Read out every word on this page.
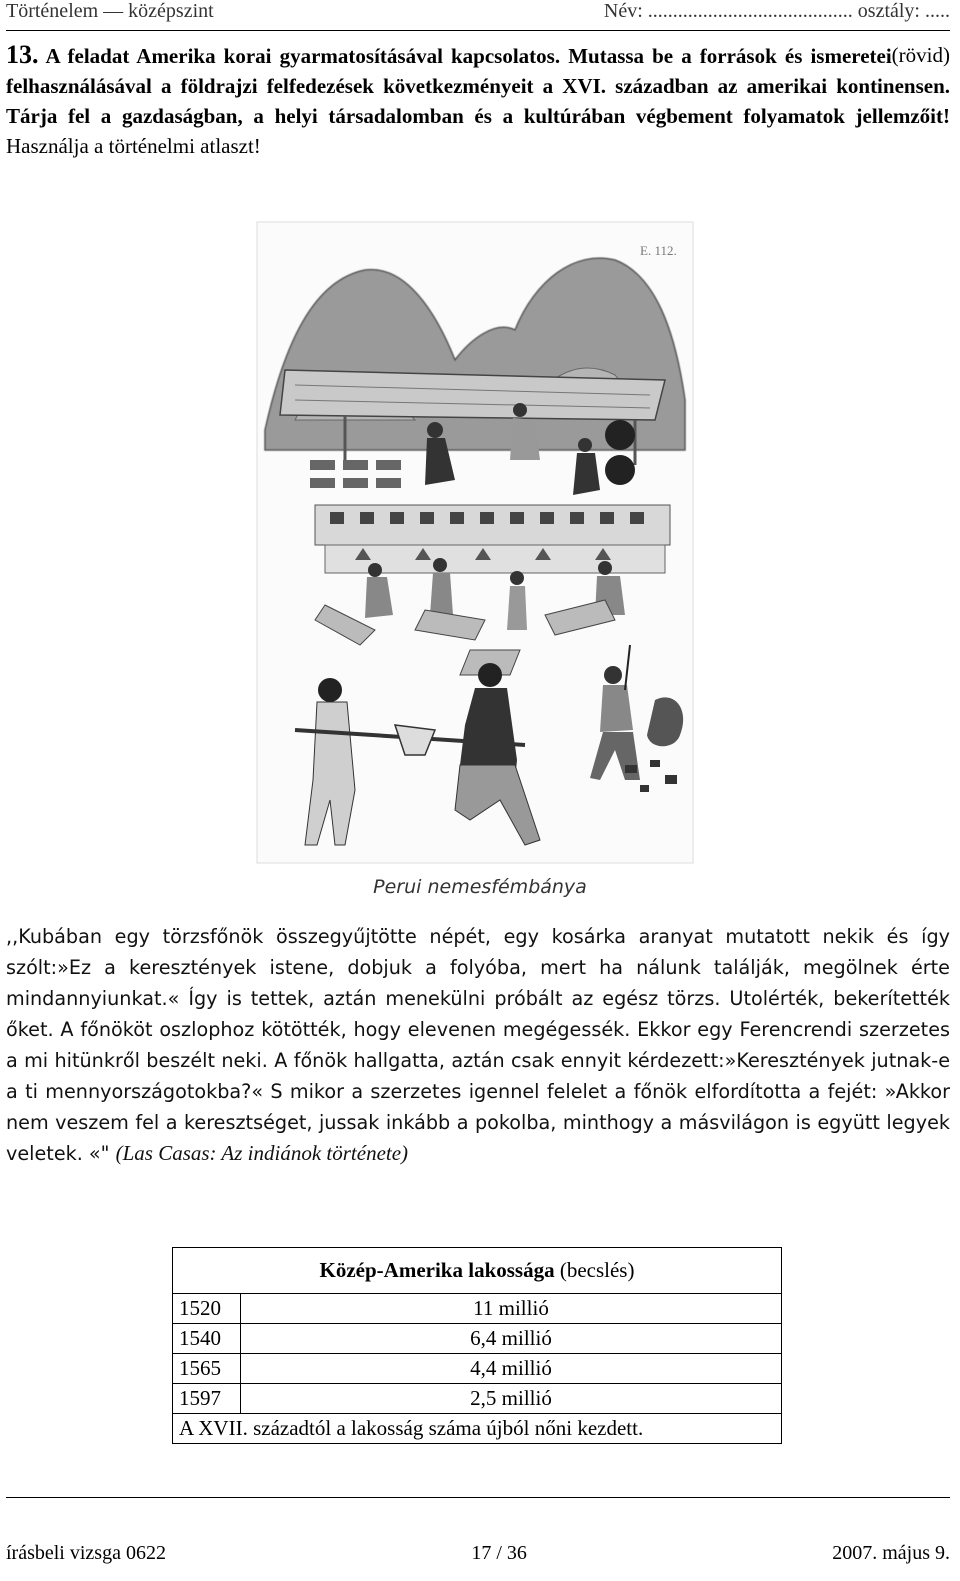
Történelem — középszint	Név: ......................................... osztály: .....
(rövid)
13. A feladat Amerika korai gyarmatosításával kapcsolatos. Mutassa be a források és ismeretei felhasználásával a földrajzi felfedezések következményeit a XVI. században az amerikai kontinensen. Tárja fel a gazdaságban, a helyi társadalomban és a kultúrában végbement folyamatok jellemzőit! Használja a történelmi atlaszt!
E. 112.
Perui nemesfémbánya
,,Kubában egy törzsfőnök összegyűjtötte népét, egy kosárka aranyat mutatott nekik és így szólt:»Ez a keresztények istene, dobjuk a folyóba, mert ha nálunk találják, megölnek érte mindannyiunkat.« Így is tettek, aztán menekülni próbált az egész törzs. Utolérték, bekerítették őket. A főnököt oszlophoz kötötték, hogy elevenen megégessék. Ekkor egy Ferencrendi szerzetes a mi hitünkről beszélt neki. A főnök hallgatta, aztán csak ennyit kérdezett:»Keresztények jutnak-e a ti mennyországotokba?« S mikor a szerzetes igennel felelet a főnök elfordította a fejét: »Akkor nem veszem fel a keresztséget, jussak inkább a pokolba, minthogy a másvilágon is együtt legyek veletek. «" (Las Casas: Az indiánok története)
Közép-Amerika lakossága (becslés)	
1520	11 millió
1540	6,4 millió
1565	4,4 millió
1597	2,5 millió
A XVII. századtól a lakosság száma újból nőni kezdett.	
írásbeli vizsga 0622	17 / 36	2007. május 9.
